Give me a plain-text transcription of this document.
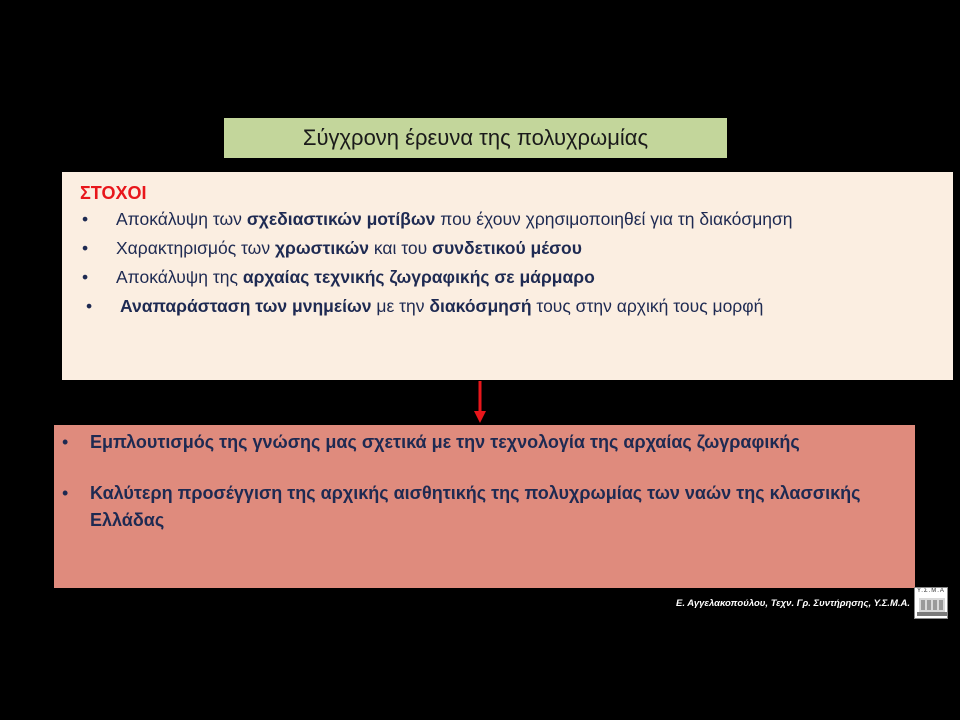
Σύγχρονη έρευνα της πολυχρωμίας
ΣΤΟΧΟΙ
• Αποκάλυψη των σχεδιαστικών μοτίβων που έχουν χρησιμοποιηθεί για τη διακόσμηση
• Χαρακτηρισμός των χρωστικών και του συνδετικού μέσου
• Αποκάλυψη της αρχαίας τεχνικής ζωγραφικής σε μάρμαρο
• Αναπαράσταση των μνημείων με την διακόσμησή τους στην αρχική τους μορφή
• Εμπλουτισμός της γνώσης μας σχετικά με την τεχνολογία της αρχαίας ζωγραφικής
• Καλύτερη προσέγγιση της αρχικής αισθητικής της πολυχρωμίας των ναών της κλασσικής Ελλάδας
Ε. Αγγελακοπούλου, Τεχν. Γρ. Συντήρησης, Υ.Σ.Μ.Α.
Y.Σ.M.A
